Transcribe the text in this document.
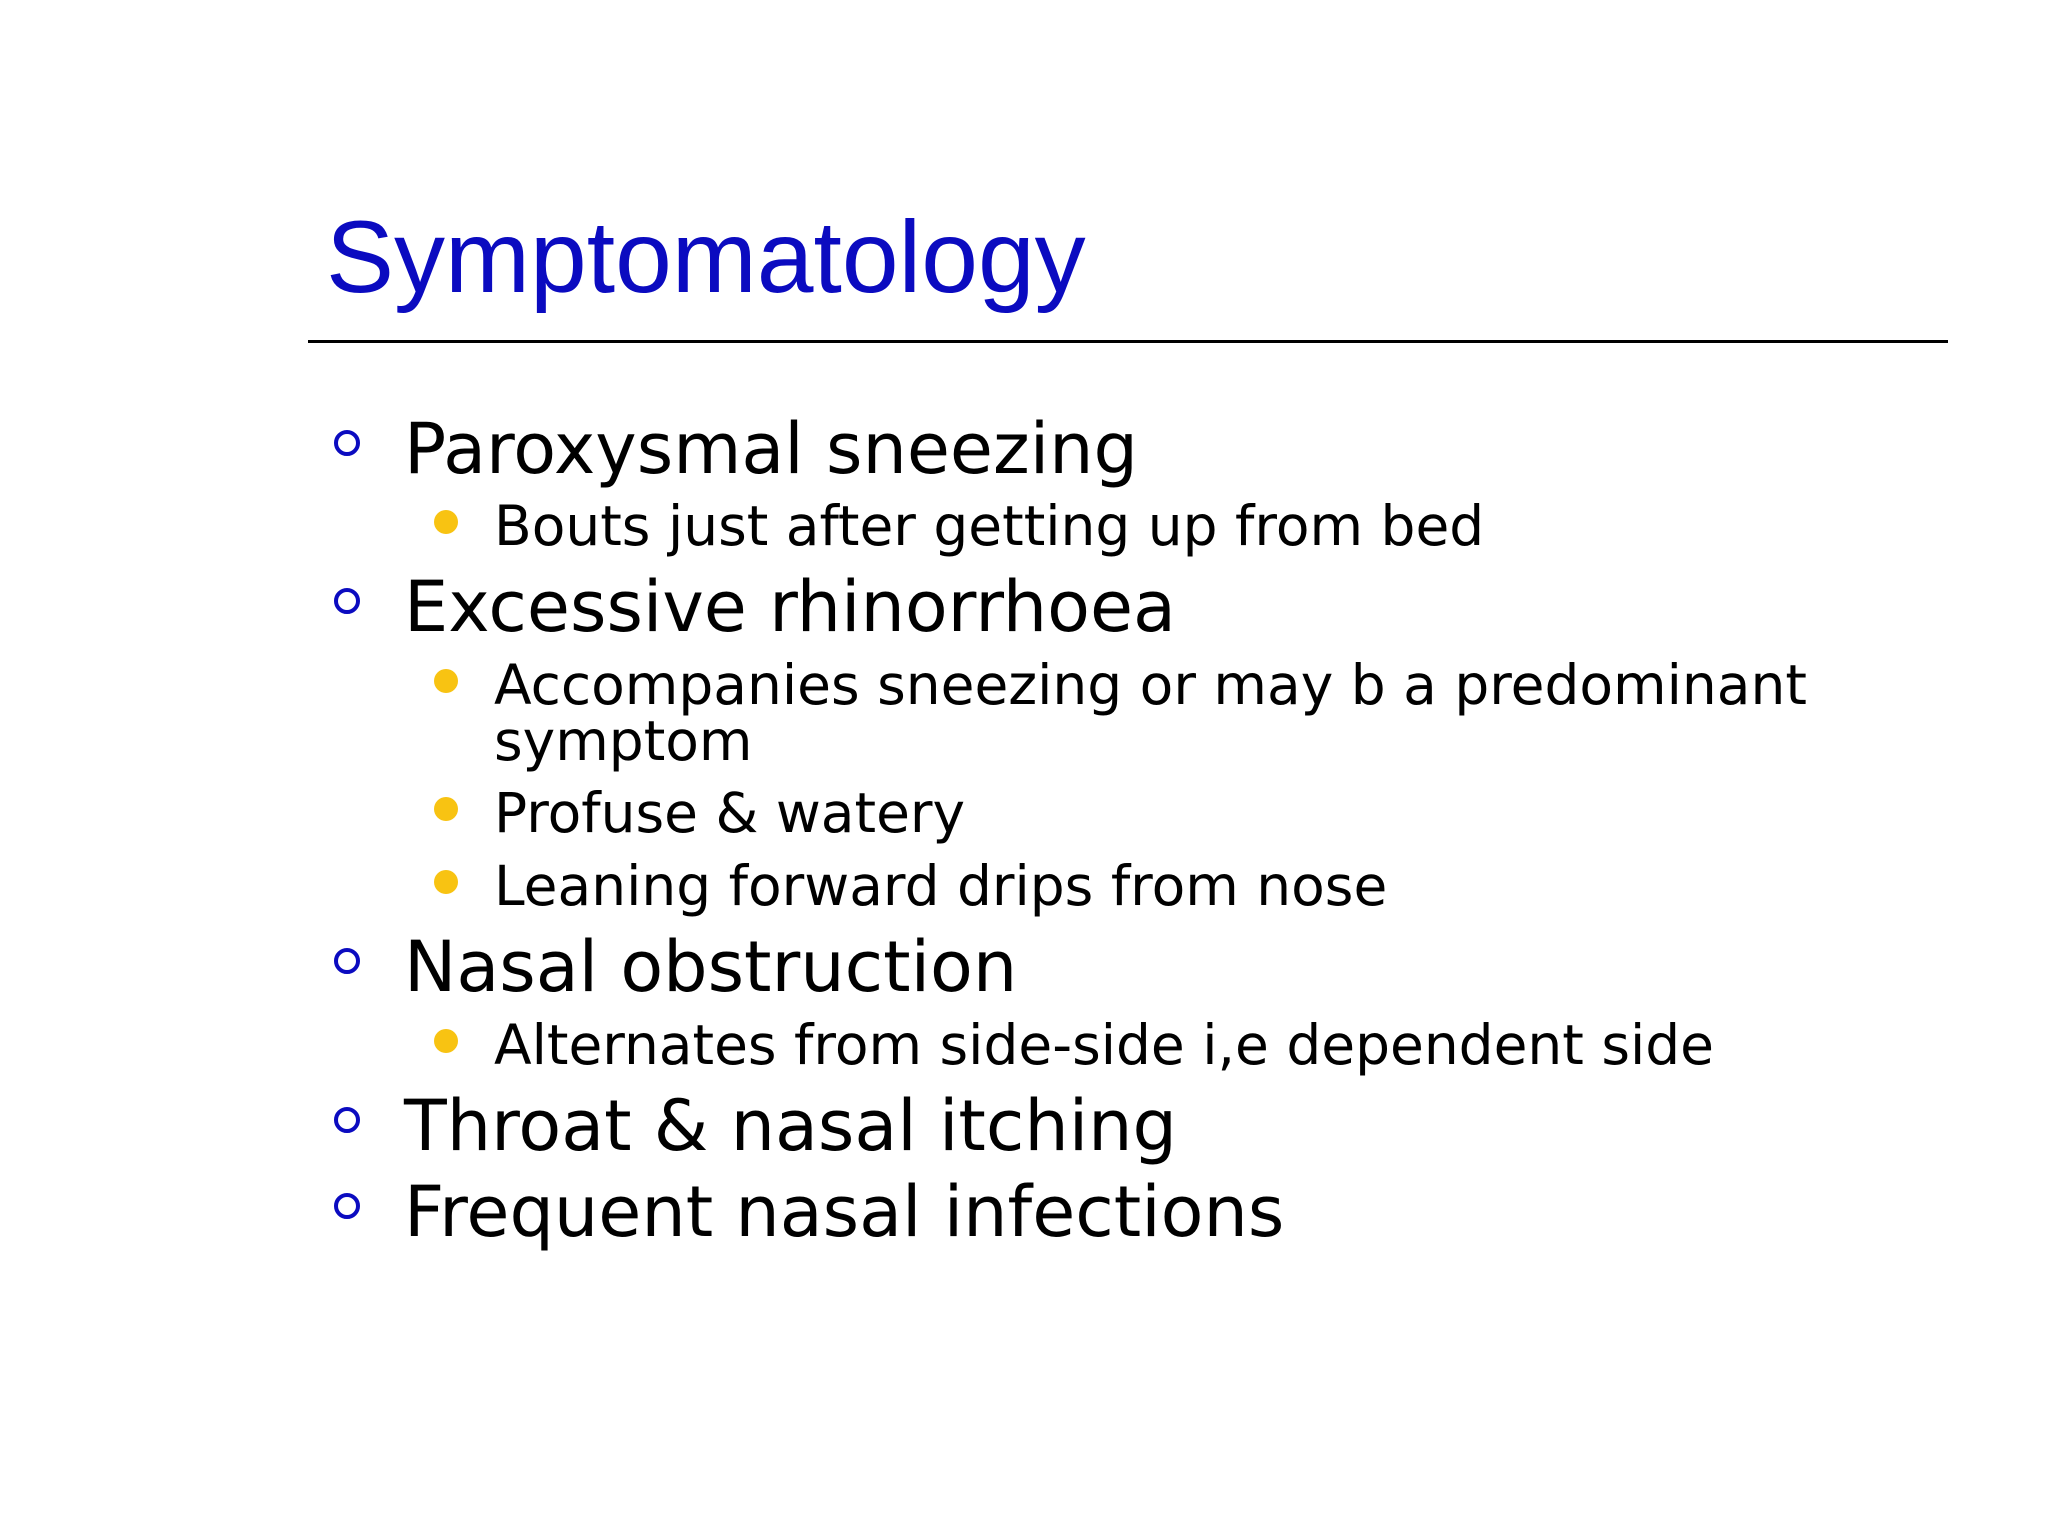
Symptomatology
Paroxysmal sneezing
Bouts just after getting up from bed
Excessive rhinorrhoea
Accompanies sneezing or may b a predominant symptom
Profuse & watery
Leaning forward drips from nose
Nasal obstruction
Alternates from side-side i,e dependent side
Throat & nasal itching
Frequent nasal infections
